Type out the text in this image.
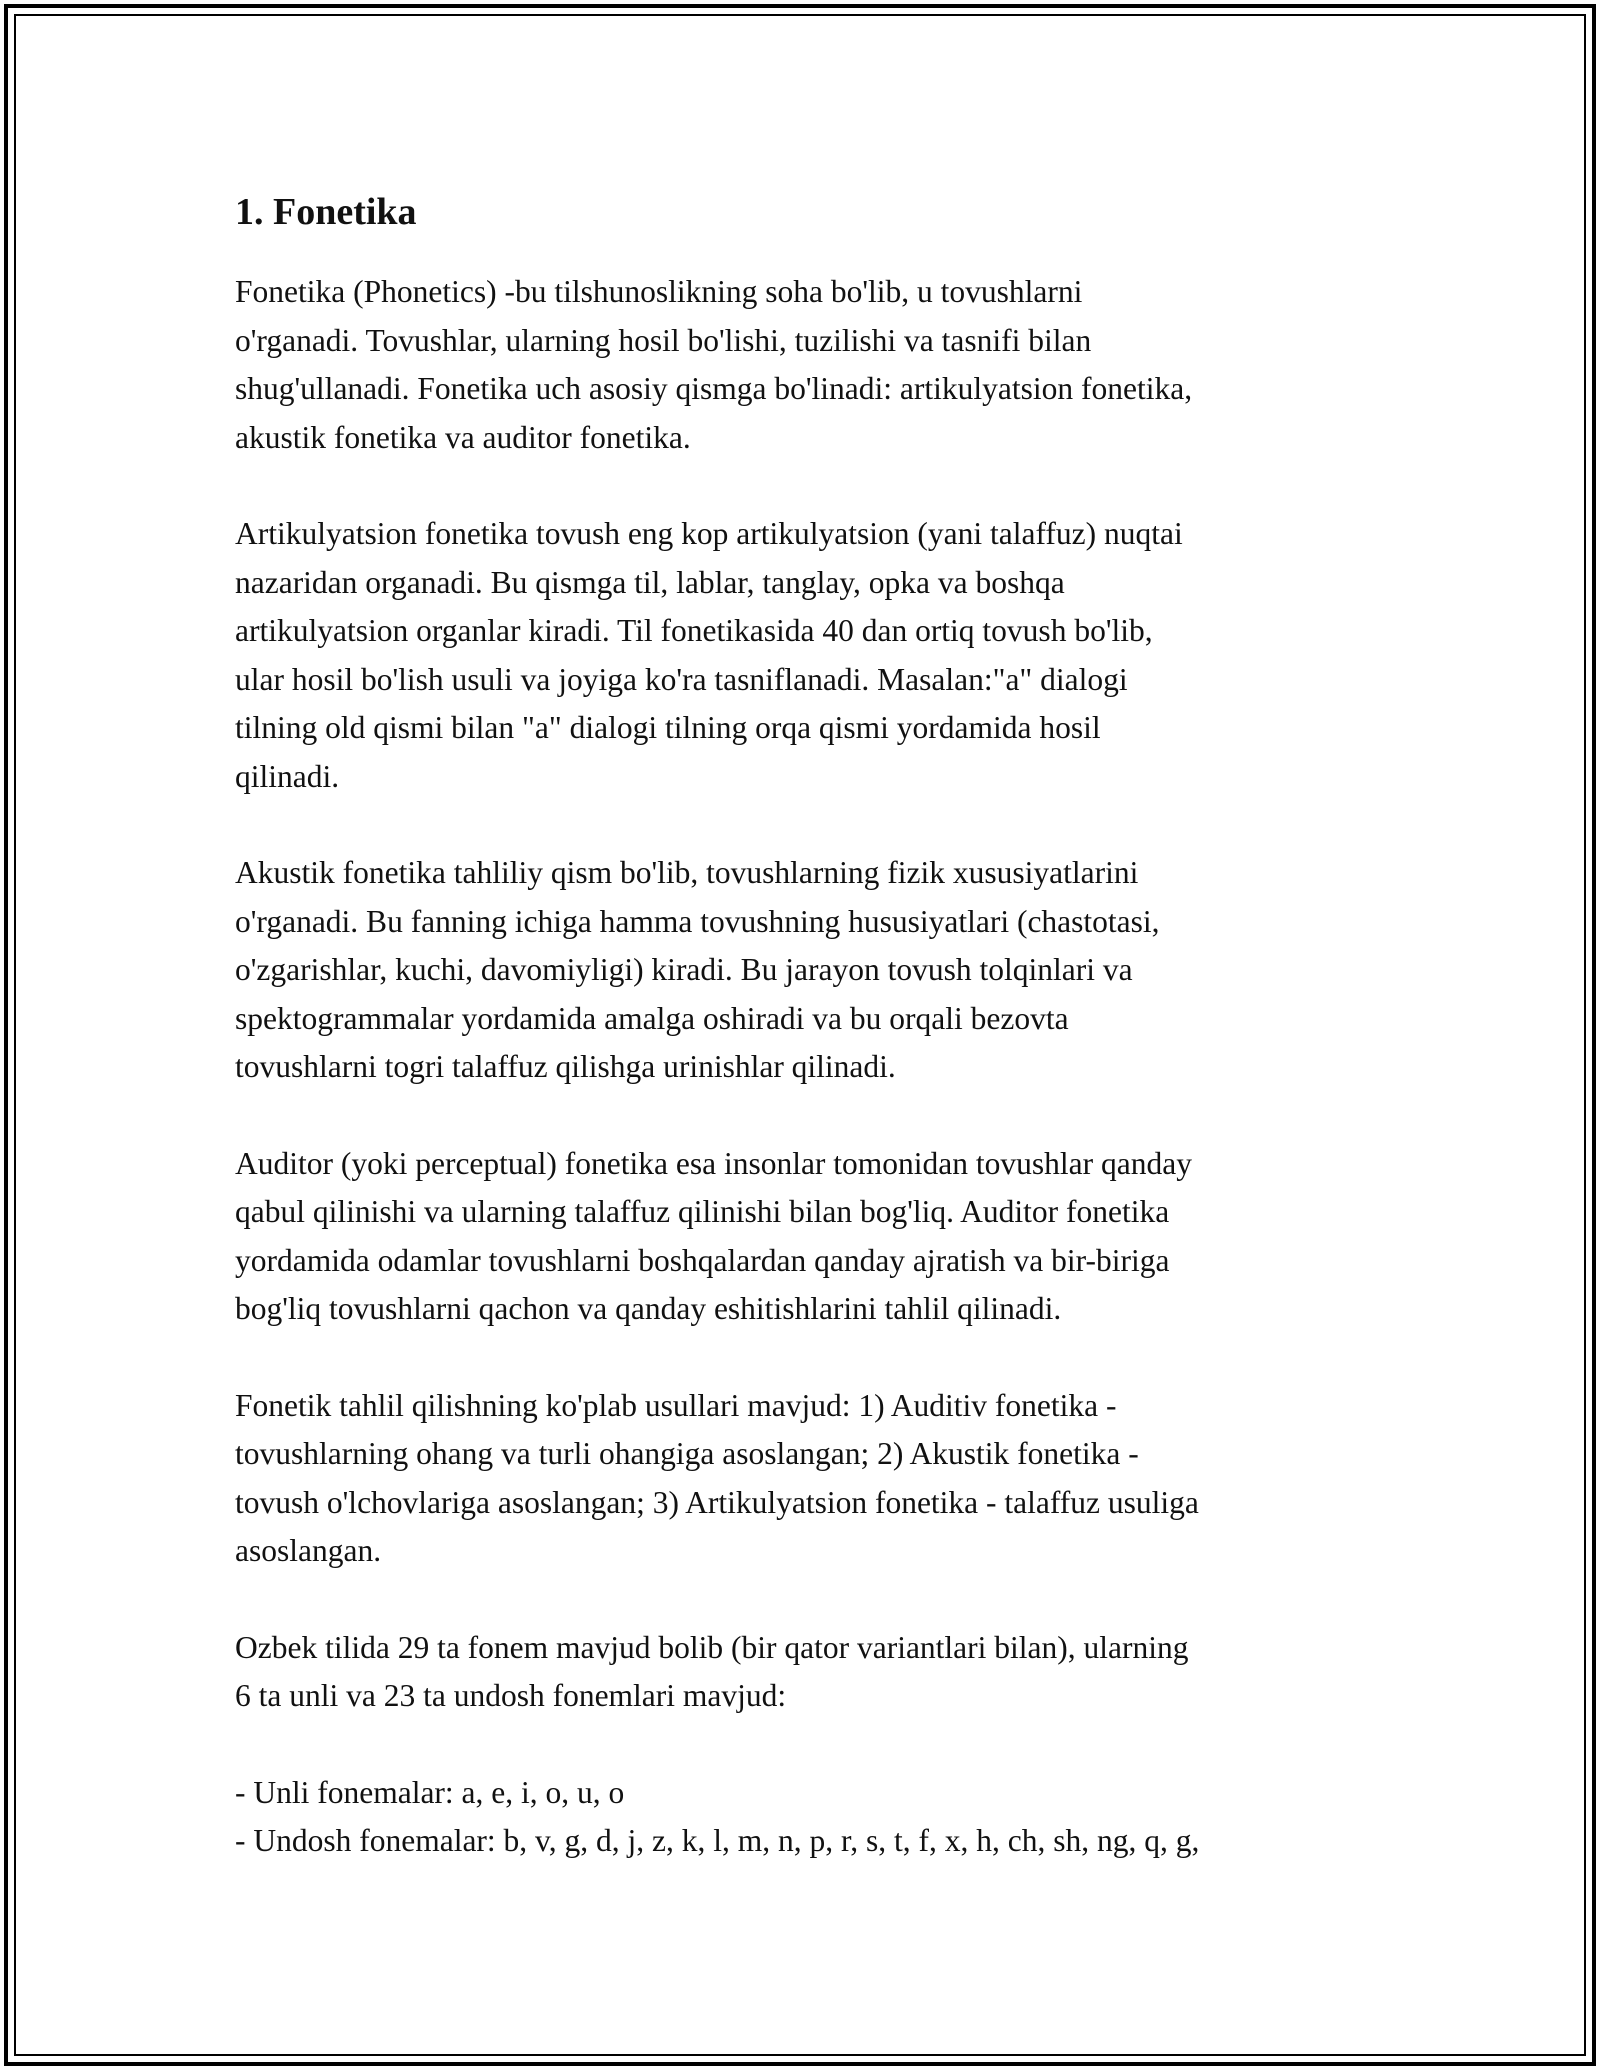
1. Fonetika

Fonetika (Phonetics) -bu tilshunoslikning soha bo'lib, u tovushlarni
o'rganadi. Tovushlar, ularning hosil bo'lishi, tuzilishi va tasnifi bilan
shug'ullanadi. Fonetika uch asosiy qismga bo'linadi: artikulyatsion fonetika,
akustik fonetika va auditor fonetika.

Artikulyatsion fonetika tovush eng kop artikulyatsion (yani talaffuz) nuqtai
nazaridan organadi. Bu qismga til, lablar, tanglay, opka va boshqa
artikulyatsion organlar kiradi. Til fonetikasida 40 dan ortiq tovush bo'lib,
ular hosil bo'lish usuli va joyiga ko'ra tasniflanadi. Masalan:"a" dialogi
tilning old qismi bilan "a" dialogi tilning orqa qismi yordamida hosil
qilinadi.

Akustik fonetika tahliliy qism bo'lib, tovushlarning fizik xususiyatlarini
o'rganadi. Bu fanning ichiga hamma tovushning hususiyatlari (chastotasi,
o'zgarishlar, kuchi, davomiyligi) kiradi. Bu jarayon tovush tolqinlari va
spektogrammalar yordamida amalga oshiradi va bu orqali bezovta
tovushlarni togri talaffuz qilishga urinishlar qilinadi.

Auditor (yoki perceptual) fonetika esa insonlar tomonidan tovushlar qanday
qabul qilinishi va ularning talaffuz qilinishi bilan bog'liq. Auditor fonetika
yordamida odamlar tovushlarni boshqalardan qanday ajratish va bir-biriga
bog'liq tovushlarni qachon va qanday eshitishlarini tahlil qilinadi.

Fonetik tahlil qilishning ko'plab usullari mavjud: 1) Auditiv fonetika -
tovushlarning ohang va turli ohangiga asoslangan; 2) Akustik fonetika -
tovush o'lchovlariga asoslangan; 3) Artikulyatsion fonetika - talaffuz usuliga
asoslangan.

Ozbek tilida 29 ta fonem mavjud bolib (bir qator variantlari bilan), ularning
6 ta unli va 23 ta undosh fonemlari mavjud:

- Unli fonemalar: a, e, i, o, u, o
- Undosh fonemalar: b, v, g, d, j, z, k, l, m, n, p, r, s, t, f, x, h, ch, sh, ng, q, g,
